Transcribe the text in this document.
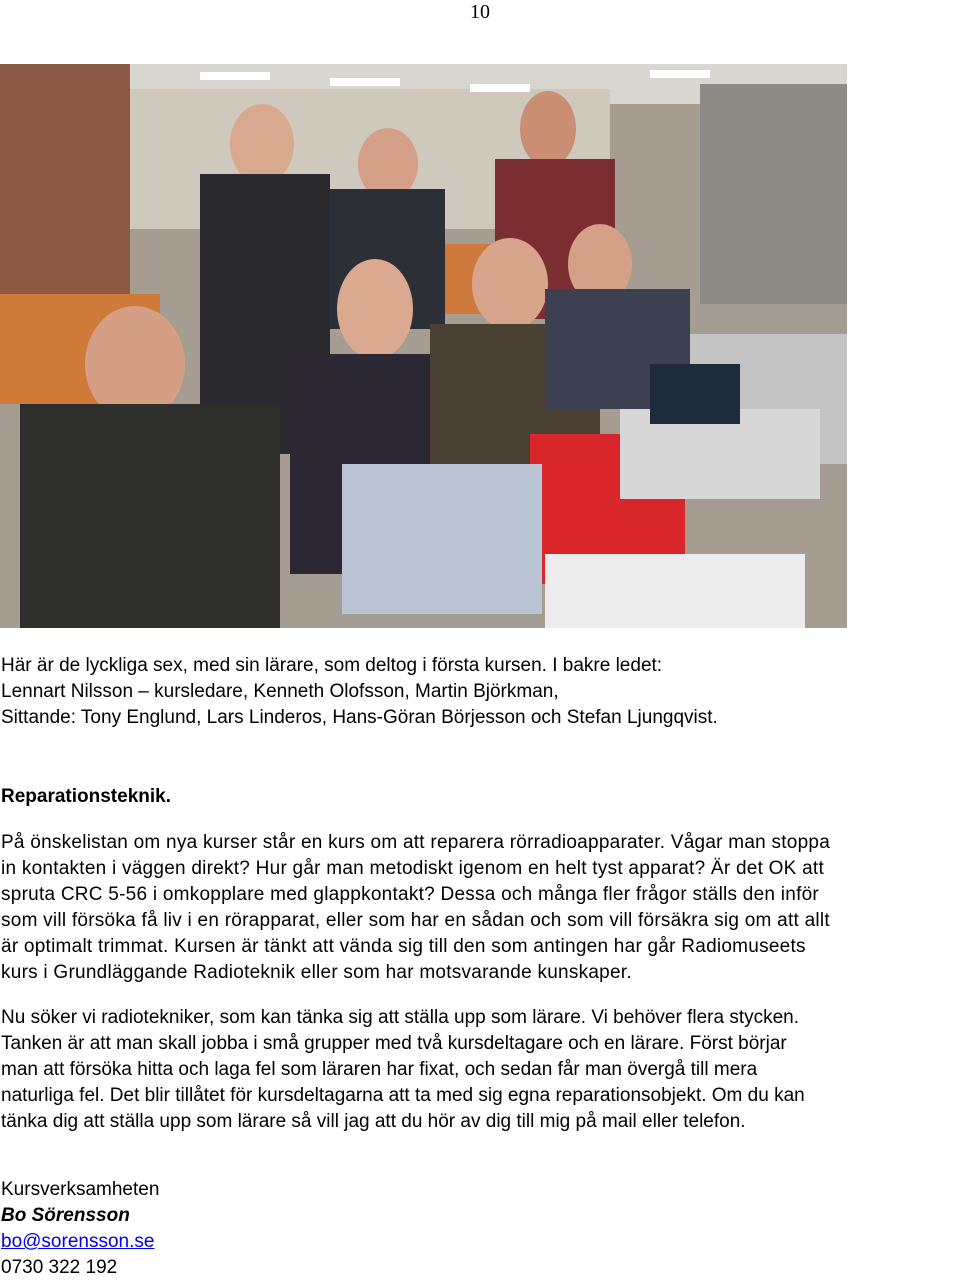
10
Här är de lyckliga sex, med sin lärare, som deltog i första kursen. I bakre ledet:
Lennart Nilsson – kursledare, Kenneth Olofsson, Martin Björkman,
Sittande: Tony Englund, Lars Linderos, Hans-Göran Börjesson och Stefan Ljungqvist.
Reparationsteknik.
På önskelistan om nya kurser står en kurs om att reparera rörradioapparater. Vågar man stoppa
in kontakten i väggen direkt? Hur går man metodiskt igenom en helt tyst apparat? Är det OK att
spruta CRC 5-56 i omkopplare med glappkontakt? Dessa och många fler frågor ställs den inför
som vill försöka få liv i en rörapparat, eller som har en sådan och som vill försäkra sig om att allt
är optimalt trimmat. Kursen är tänkt att vända sig till den som antingen har går Radiomuseets
kurs i Grundläggande Radioteknik eller som har motsvarande kunskaper.
Nu söker vi radiotekniker, som kan tänka sig att ställa upp som lärare. Vi behöver flera stycken.
Tanken är att man skall jobba i små grupper med två kursdeltagare och en lärare. Först börjar
man att försöka hitta och laga fel som läraren har fixat, och sedan får man övergå till mera
naturliga fel. Det blir tillåtet för kursdeltagarna att ta med sig egna reparationsobjekt. Om du kan
tänka dig att ställa upp som lärare så vill jag att du hör av dig till mig på mail eller telefon.
Kursverksamheten
Bo Sörensson
bo@sorensson.se
0730 322 192
